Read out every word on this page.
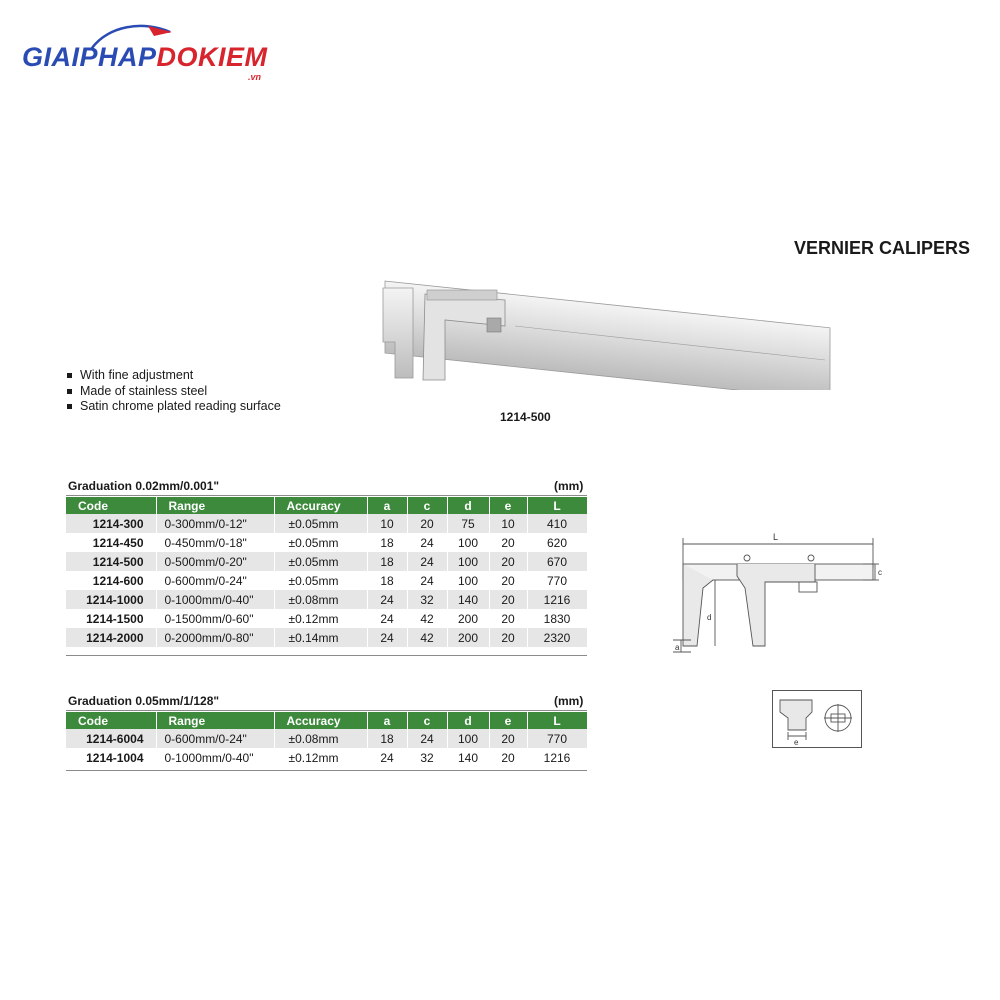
GIAIPHAPDOKIEM
.vn
VERNIER CALIPERS
1214-500
With fine adjustment
Made of stainless steel
Satin chrome plated reading surface
Graduation 0.02mm/0.001"	(mm)
Code	Range	Accuracy	a	c	d	e	L
1214-300	0-300mm/0-12"	±0.05mm	10	20	75	10	410
1214-450	0-450mm/0-18"	±0.05mm	18	24	100	20	620
1214-500	0-500mm/0-20"	±0.05mm	18	24	100	20	670
1214-600	0-600mm/0-24"	±0.05mm	18	24	100	20	770
1214-1000	0-1000mm/0-40"	±0.08mm	24	32	140	20	1216
1214-1500	0-1500mm/0-60"	±0.12mm	24	42	200	20	1830
1214-2000	0-2000mm/0-80"	±0.14mm	24	42	200	20	2320
Graduation 0.05mm/1/128"	(mm)
Code	Range	Accuracy	a	c	d	e	L
1214-6004	0-600mm/0-24"	±0.08mm	18	24	100	20	770
1214-1004	0-1000mm/0-40"	±0.12mm	24	32	140	20	1216
L
c
d
a
e
